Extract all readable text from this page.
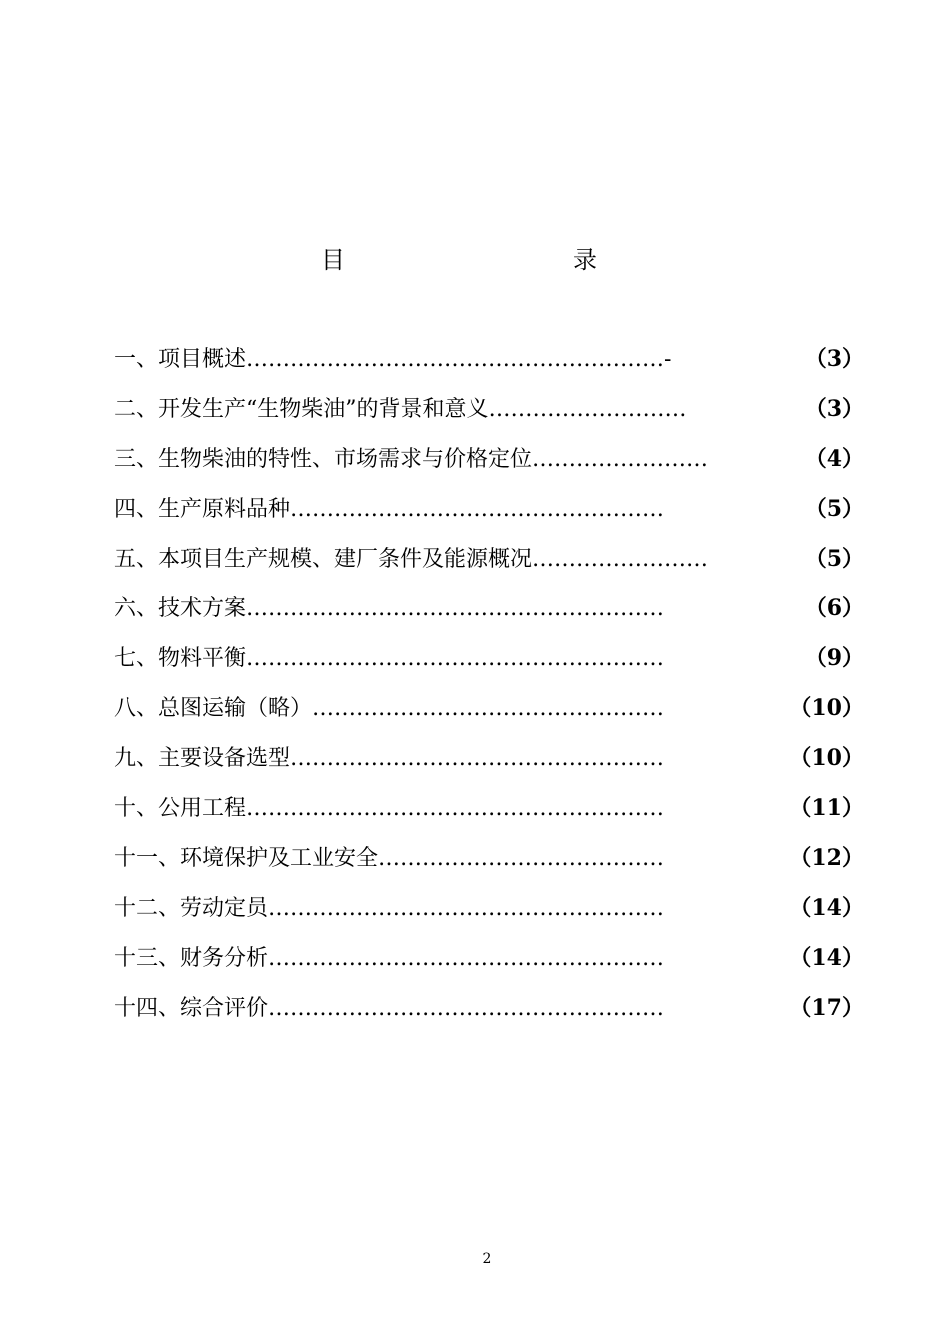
目　　录
一、项目概述…………………………………………………-	（3）
二、开发生产“生物柴油”的背景和意义………………………	（3）
三、生物柴油的特性、市场需求与价格定位……………………	（4）
四、生产原料品种……………………………………………	（5）
五、本项目生产规模、建厂条件及能源概况……………………	（5）
六、技术方案…………………………………………………	（6）
七、物料平衡…………………………………………………	（9）
八、总图运输（略）…………………………………………	（10）
九、主要设备选型……………………………………………	（10）
十、公用工程…………………………………………………	（11）
十一、环境保护及工业安全…………………………………	（12）
十二、劳动定员………………………………………………	（14）
十三、财务分析………………………………………………	（14）
十四、综合评价………………………………………………	（17）
2
